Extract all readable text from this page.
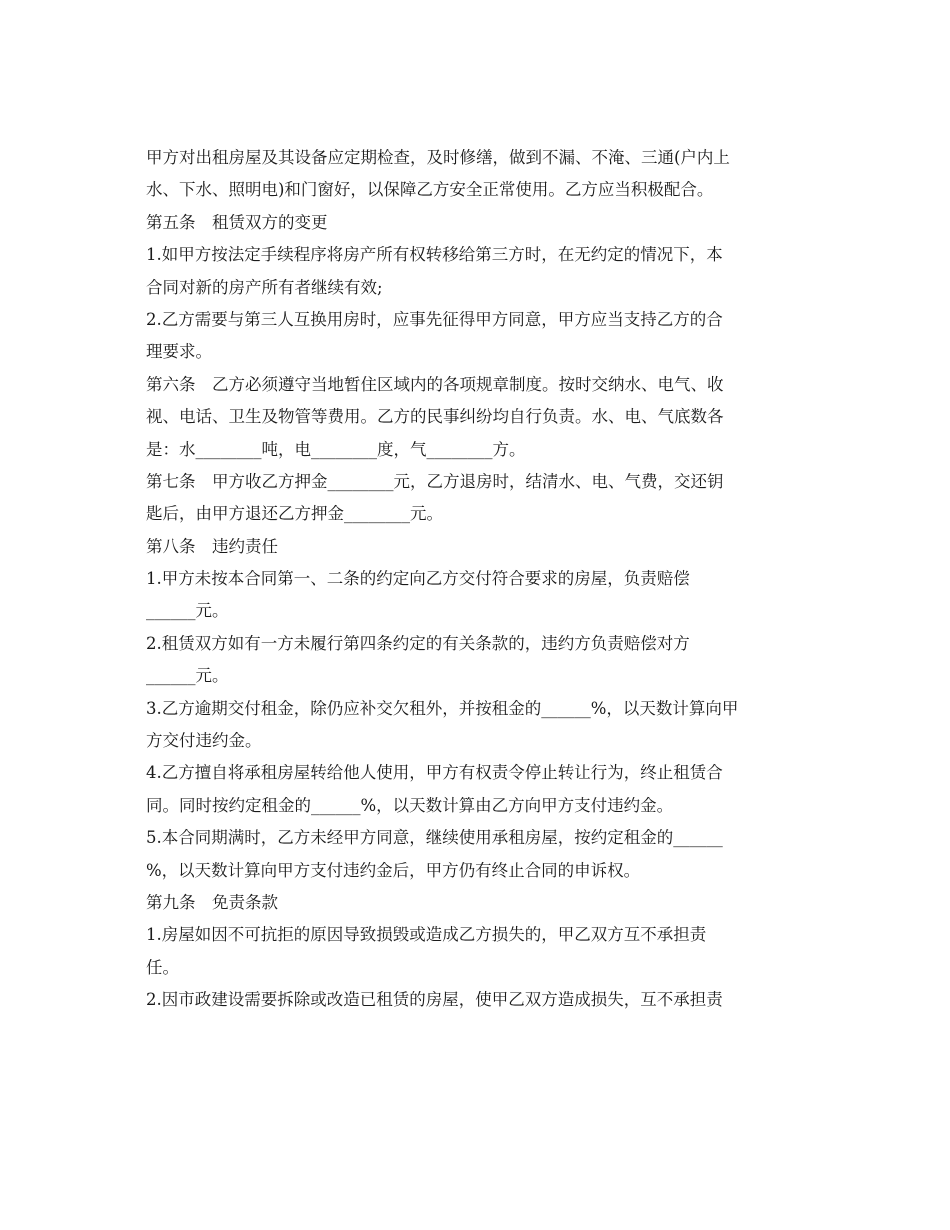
甲方对出租房屋及其设备应定期检查，及时修缮，做到不漏、不淹、三通(户内上
水、下水、照明电)和门窗好，以保障乙方安全正常使用。乙方应当积极配合。
第五条　租赁双方的变更
1.如甲方按法定手续程序将房产所有权转移给第三方时，在无约定的情况下，本
合同对新的房产所有者继续有效;
2.乙方需要与第三人互换用房时，应事先征得甲方同意，甲方应当支持乙方的合
理要求。
第六条　乙方必须遵守当地暂住区域内的各项规章制度。按时交纳水、电气、收
视、电话、卫生及物管等费用。乙方的民事纠纷均自行负责。水、电、气底数各
是：水________吨，电________度，气________方。
第七条　甲方收乙方押金________元，乙方退房时，结清水、电、气费，交还钥
匙后，由甲方退还乙方押金________元。
第八条　违约责任
1.甲方未按本合同第一、二条的约定向乙方交付符合要求的房屋，负责赔偿
______元。
2.租赁双方如有一方未履行第四条约定的有关条款的，违约方负责赔偿对方
______元。
3.乙方逾期交付租金，除仍应补交欠租外，并按租金的______%，以天数计算向甲
方交付违约金。
4.乙方擅自将承租房屋转给他人使用，甲方有权责令停止转让行为，终止租赁合
同。同时按约定租金的______%，以天数计算由乙方向甲方支付违约金。
5.本合同期满时，乙方未经甲方同意，继续使用承租房屋，按约定租金的______
%，以天数计算向甲方支付违约金后，甲方仍有终止合同的申诉权。
第九条　免责条款
1.房屋如因不可抗拒的原因导致损毁或造成乙方损失的，甲乙双方互不承担责
任。
2.因市政建设需要拆除或改造已租赁的房屋，使甲乙双方造成损失，互不承担责
